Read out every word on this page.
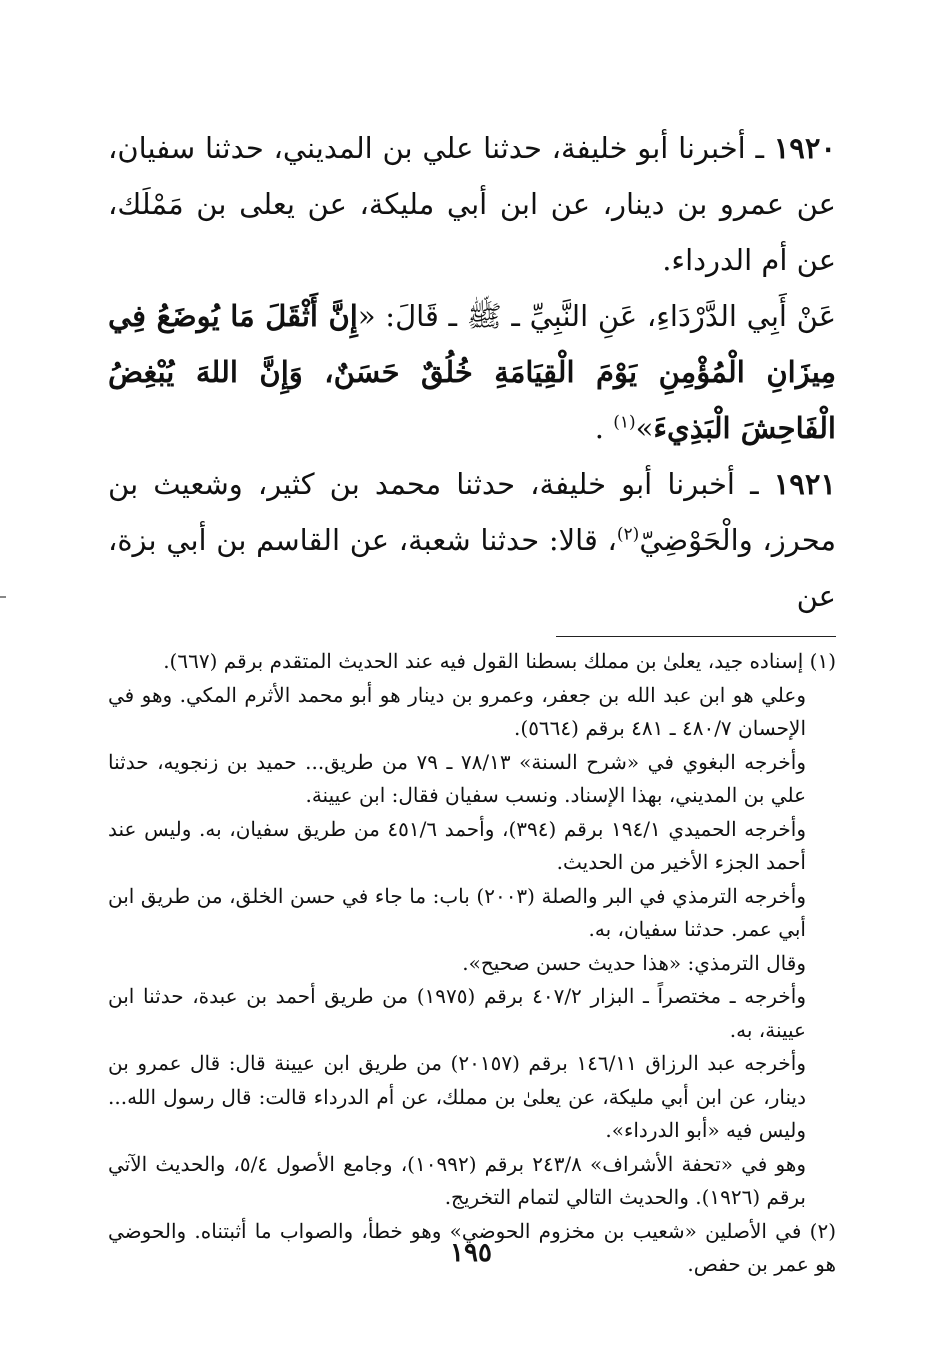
١٩٢٠ ـ أخبرنا أبو خليفة، حدثنا علي بن المديني، حدثنا سفيان، عن عمرو بن دينار، عن ابن أبي مليكة، عن يعلى بن مَمْلَك، عن أم الدرداء.

عَنْ أَبِي الدَّرْدَاءِ، عَنِ النَّبِيِّ ـ ﷺ ـ قَالَ: «إِنَّ أَثْقَلَ مَا يُوضَعُ فِي مِيزَانِ الْمُؤْمِنِ يَوْمَ الْقِيَامَةِ خُلُقٌ حَسَنٌ، وَإِنَّ اللهَ يُبْغِضُ الْفَاحِشَ الْبَذِيءَ»$^{(١)}$ .

١٩٢١ ـ أخبرنا أبو خليفة، حدثنا محمد بن كثير، وشعيث بن محرز، والْحَوْضِيّ$^{(٢)}$، قالا: حدثنا شعبة، عن القاسم بن أبي بزة، عن

(١) إسناده جيد، يعلىٰ بن مملك بسطنا القول فيه عند الحديث المتقدم برقم (٦٦٧).

وعلي هو ابن عبد الله بن جعفر، وعمرو بن دينار هو أبو محمد الأثرم المكي. وهو في الإحسان ٤٨٠/٧ ـ ٤٨١ برقم (٥٦٦٤).

وأخرجه البغوي في «شرح السنة» ٧٨/١٣ ـ ٧٩ من طريق... حميد بن زنجويه، حدثنا علي بن المديني، بهذا الإسناد. ونسب سفيان فقال: ابن عيينة.

وأخرجه الحميدي ١٩٤/١ برقم (٣٩٤)، وأحمد ٤٥١/٦ من طريق سفيان، به. وليس عند أحمد الجزء الأخير من الحديث.

وأخرجه الترمذي في البر والصلة (٢٠٠٣) باب: ما جاء في حسن الخلق، من طريق ابن أبي عمر. حدثنا سفيان، به.

وقال الترمذي: «هذا حديث حسن صحيح».

وأخرجه ـ مختصراً ـ البزار ٤٠٧/٢ برقم (١٩٧٥) من طريق أحمد بن عبدة، حدثنا ابن عيينة، به.

وأخرجه عبد الرزاق ١٤٦/١١ برقم (٢٠١٥٧) من طريق ابن عيينة قال: قال عمرو بن دينار، عن ابن أبي مليكة، عن يعلىٰ بن مملك، عن أم الدرداء قالت: قال رسول الله... وليس فيه «أبو الدرداء».

وهو في «تحفة الأشراف» ٢٤٣/٨ برقم (١٠٩٩٢)، وجامع الأصول ٥/٤، والحديث الآتي برقم (١٩٢٦). والحديث التالي لتمام التخريج.

(٢) في الأصلين «شعيب بن مخزوم الحوضي» وهو خطأ، والصواب ما أثبتناه. والحوضي هو عمر بن حفص.

١٩٥
